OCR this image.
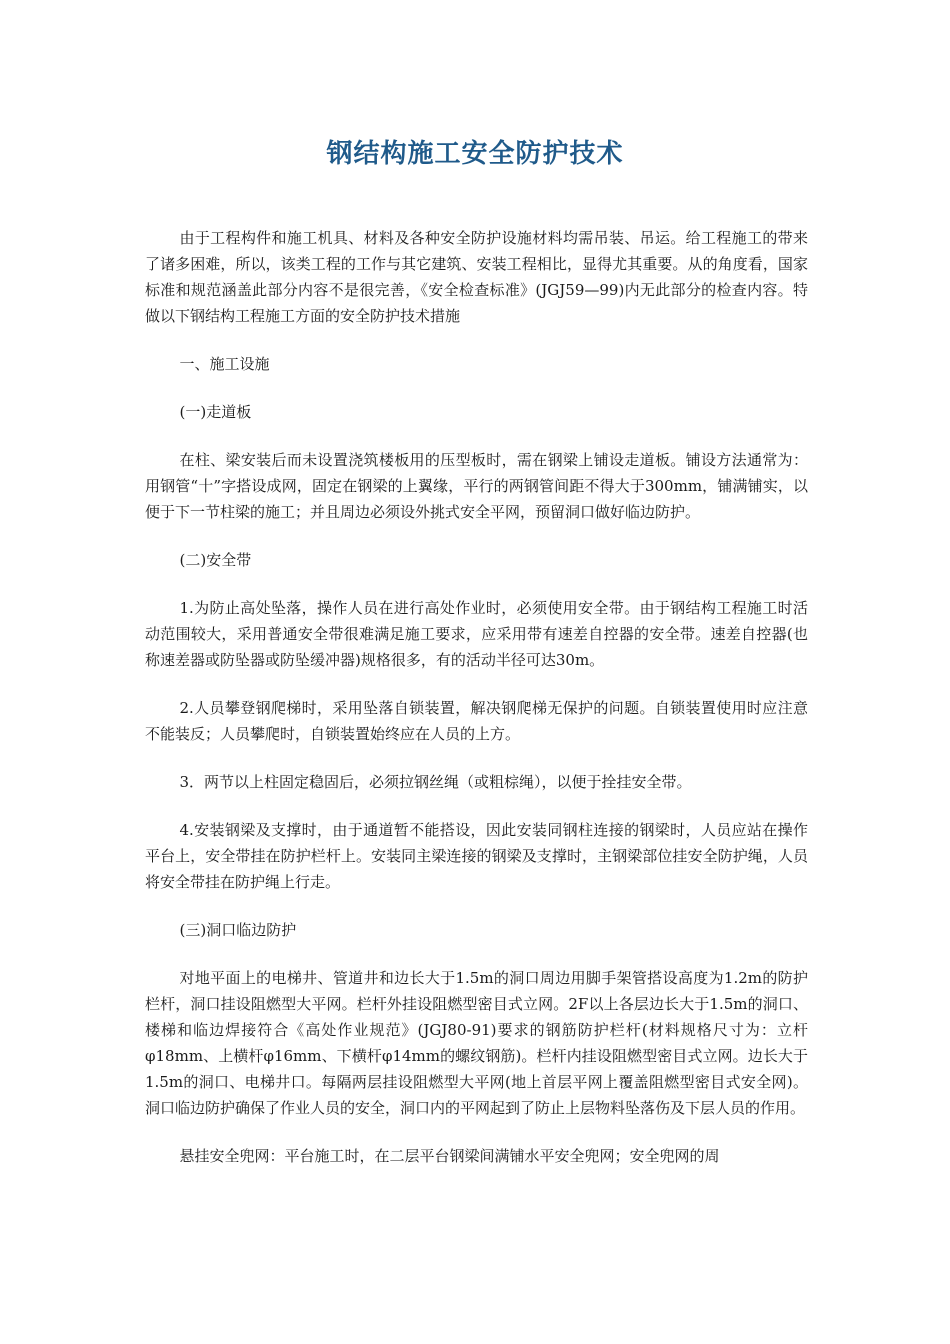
钢结构施工安全防护技术

由于工程构件和施工机具、材料及各种安全防护设施材料均需吊装、吊运。给工程施工的带来了诸多困难，所以，该类工程的工作与其它建筑、安装工程相比，显得尤其重要。从的角度看，国家标准和规范涵盖此部分内容不是很完善，《安全检查标准》(JGJ59—99)内无此部分的检查内容。特做以下钢结构工程施工方面的安全防护技术措施

一、施工设施

(一)走道板

在柱、梁安装后而未设置浇筑楼板用的压型板时，需在钢梁上铺设走道板。铺设方法通常为：用钢管“十”字搭设成网，固定在钢梁的上翼缘，平行的两钢管间距不得大于300mm，铺满铺实，以便于下一节柱梁的施工；并且周边必须设外挑式安全平网，预留洞口做好临边防护。

(二)安全带

1.为防止高处坠落，操作人员在进行高处作业时，必须使用安全带。由于钢结构工程施工时活动范围较大，采用普通安全带很难满足施工要求，应采用带有速差自控器的安全带。速差自控器(也称速差器或防坠器或防坠缓冲器)规格很多，有的活动半径可达30m。

2.人员攀登钢爬梯时，采用坠落自锁装置，解决钢爬梯无保护的问题。自锁装置使用时应注意不能装反；人员攀爬时，自锁装置始终应在人员的上方。

3．两节以上柱固定稳固后，必须拉钢丝绳（或粗棕绳），以便于拴挂安全带。

4.安装钢梁及支撑时，由于通道暂不能搭设，因此安装同钢柱连接的钢梁时，人员应站在操作平台上，安全带挂在防护栏杆上。安装同主梁连接的钢梁及支撑时，主钢梁部位挂安全防护绳，人员将安全带挂在防护绳上行走。

(三)洞口临边防护

对地平面上的电梯井、管道井和边长大于1.5m的洞口周边用脚手架管搭设高度为1.2m的防护栏杆，洞口挂设阻燃型大平网。栏杆外挂设阻燃型密目式立网。2F以上各层边长大于1.5m的洞口、楼梯和临边焊接符合《高处作业规范》(JGJ80-91)要求的钢筋防护栏杆(材料规格尺寸为：立杆φ18mm、上横杆φ16mm、下横杆φ14mm的螺纹钢筋)。栏杆内挂设阻燃型密目式立网。边长大于1.5m的洞口、电梯井口。每隔两层挂设阻燃型大平网(地上首层平网上覆盖阻燃型密目式安全网)。洞口临边防护确保了作业人员的安全，洞口内的平网起到了防止上层物料坠落伤及下层人员的作用。

悬挂安全兜网：平台施工时，在二层平台钢梁间满铺水平安全兜网；安全兜网的周
